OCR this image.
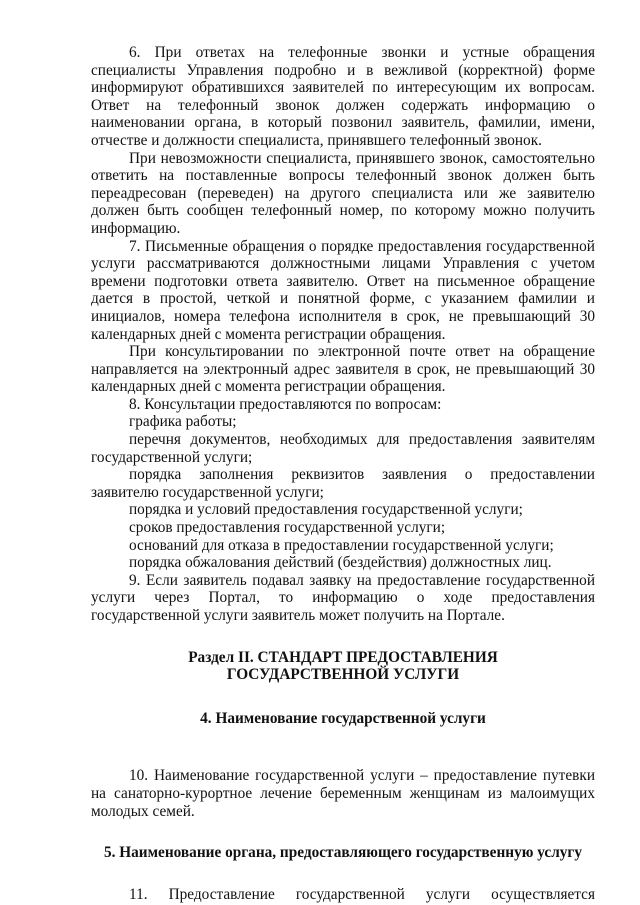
6. При ответах на телефонные звонки и устные обращения специалисты Управления подробно и в вежливой (корректной) форме информируют обратившихся заявителей по интересующим их вопросам. Ответ на телефонный звонок должен содержать информацию о наименовании органа, в который позвонил заявитель, фамилии, имени, отчестве и должности специалиста, принявшего телефонный звонок.

При невозможности специалиста, принявшего звонок, самостоятельно ответить на поставленные вопросы телефонный звонок должен быть переадресован (переведен) на другого специалиста или же заявителю должен быть сообщен телефонный номер, по которому можно получить информацию.

7. Письменные обращения о порядке предоставления государственной услуги рассматриваются должностными лицами Управления с учетом времени подготовки ответа заявителю. Ответ на письменное обращение дается в простой, четкой и понятной форме, с указанием фамилии и инициалов, номера телефона исполнителя в срок, не превышающий 30 календарных дней с момента регистрации обращения.

При консультировании по электронной почте ответ на обращение направляется на электронный адрес заявителя в срок, не превышающий 30 календарных дней с момента регистрации обращения.

8. Консультации предоставляются по вопросам:

графика работы;

перечня документов, необходимых для предоставления заявителям государственной услуги;

порядка заполнения реквизитов заявления о предоставлении заявителю государственной услуги;

порядка и условий предоставления государственной услуги;

сроков предоставления государственной услуги;

оснований для отказа в предоставлении государственной услуги;

порядка обжалования действий (бездействия) должностных лиц.

9. Если заявитель подавал заявку на предоставление государственной услуги через Портал, то информацию о ходе предоставления государственной услуги заявитель может получить на Портале.

Раздел II. СТАНДАРТ ПРЕДОСТАВЛЕНИЯ
ГОСУДАРСТВЕННОЙ УСЛУГИ

4. Наименование государственной услуги

10. Наименование государственной услуги – предоставление путевки на санаторно-курортное лечение беременным женщинам из малоимущих молодых семей.

5. Наименование органа, предоставляющего государственную услугу

11. Предоставление государственной услуги осуществляется
